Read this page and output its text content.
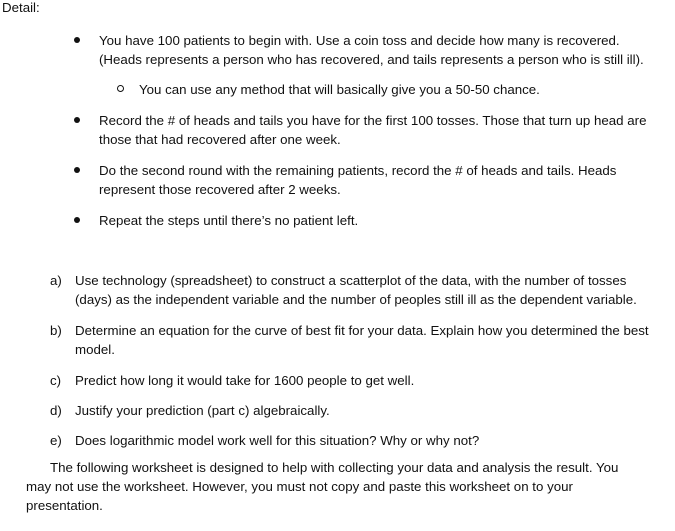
Detail:
You have 100 patients to begin with. Use a coin toss and decide how many is recovered. (Heads represents a person who has recovered, and tails represents a person who is still ill).
You can use any method that will basically give you a 50-50 chance.
Record the # of heads and tails you have for the first 100 tosses. Those that turn up head are those that had recovered after one week.
Do the second round with the remaining patients, record the # of heads and tails. Heads represent those recovered after 2 weeks.
Repeat the steps until there’s no patient left.
a) Use technology (spreadsheet) to construct a scatterplot of the data, with the number of tosses (days) as the independent variable and the number of peoples still ill as the dependent variable.
b) Determine an equation for the curve of best fit for your data. Explain how you determined the best model.
c) Predict how long it would take for 1600 people to get well.
d) Justify your prediction (part c) algebraically.
e) Does logarithmic model work well for this situation? Why or why not?
The following worksheet is designed to help with collecting your data and analysis the result. You may not use the worksheet. However, you must not copy and paste this worksheet on to your presentation.
